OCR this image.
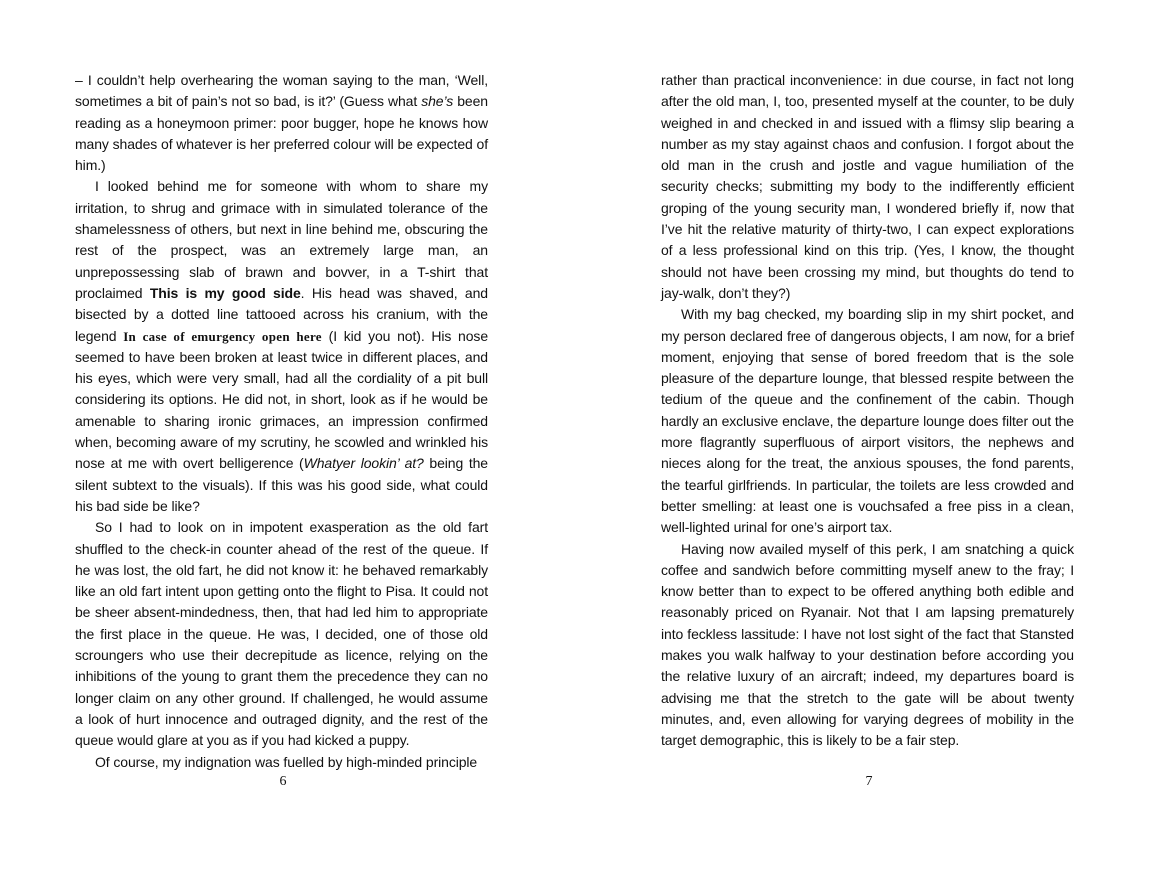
– I couldn’t help overhearing the woman saying to the man, ‘Well, sometimes a bit of pain’s not so bad, is it?’ (Guess what she’s been reading as a honeymoon primer: poor bugger, hope he knows how many shades of whatever is her preferred colour will be expected of him.)

I looked behind me for someone with whom to share my irritation, to shrug and grimace with in simulated tolerance of the shamelessness of others, but next in line behind me, obscuring the rest of the prospect, was an extremely large man, an unprepossessing slab of brawn and bovver, in a T-shirt that proclaimed This is my good side. His head was shaved, and bisected by a dotted line tattooed across his cranium, with the legend In case of emurgency open here (I kid you not). His nose seemed to have been broken at least twice in different places, and his eyes, which were very small, had all the cordiality of a pit bull considering its options. He did not, in short, look as if he would be amenable to sharing ironic grimaces, an impression confirmed when, becoming aware of my scrutiny, he scowled and wrinkled his nose at me with overt belligerence (Whatyer lookin’ at? being the silent subtext to the visuals). If this was his good side, what could his bad side be like?

So I had to look on in impotent exasperation as the old fart shuffled to the check-in counter ahead of the rest of the queue. If he was lost, the old fart, he did not know it: he behaved remarkably like an old fart intent upon getting onto the flight to Pisa. It could not be sheer absent-mindedness, then, that had led him to appropriate the first place in the queue. He was, I decided, one of those old scroungers who use their decrepitude as licence, relying on the inhibitions of the young to grant them the precedence they can no longer claim on any other ground. If challenged, he would assume a look of hurt innocence and outraged dignity, and the rest of the queue would glare at you as if you had kicked a puppy.

Of course, my indignation was fuelled by high-minded principle

rather than practical inconvenience: in due course, in fact not long after the old man, I, too, presented myself at the counter, to be duly weighed in and checked in and issued with a flimsy slip bearing a number as my stay against chaos and confusion. I forgot about the old man in the crush and jostle and vague humiliation of the security checks; submitting my body to the indifferently efficient groping of the young security man, I wondered briefly if, now that I’ve hit the relative maturity of thirty-two, I can expect explorations of a less professional kind on this trip. (Yes, I know, the thought should not have been crossing my mind, but thoughts do tend to jay-walk, don’t they?)

With my bag checked, my boarding slip in my shirt pocket, and my person declared free of dangerous objects, I am now, for a brief moment, enjoying that sense of bored freedom that is the sole pleasure of the departure lounge, that blessed respite between the tedium of the queue and the confinement of the cabin. Though hardly an exclusive enclave, the departure lounge does filter out the more flagrantly superfluous of airport visitors, the nephews and nieces along for the treat, the anxious spouses, the fond parents, the tearful girlfriends. In particular, the toilets are less crowded and better smelling: at least one is vouchsafed a free piss in a clean, well-lighted urinal for one’s airport tax.

Having now availed myself of this perk, I am snatching a quick coffee and sandwich before committing myself anew to the fray; I know better than to expect to be offered anything both edible and reasonably priced on Ryanair. Not that I am lapsing prematurely into feckless lassitude: I have not lost sight of the fact that Stansted makes you walk halfway to your destination before according you the relative luxury of an aircraft; indeed, my departures board is advising me that the stretch to the gate will be about twenty minutes, and, even allowing for varying degrees of mobility in the target demographic, this is likely to be a fair step.

6	7
